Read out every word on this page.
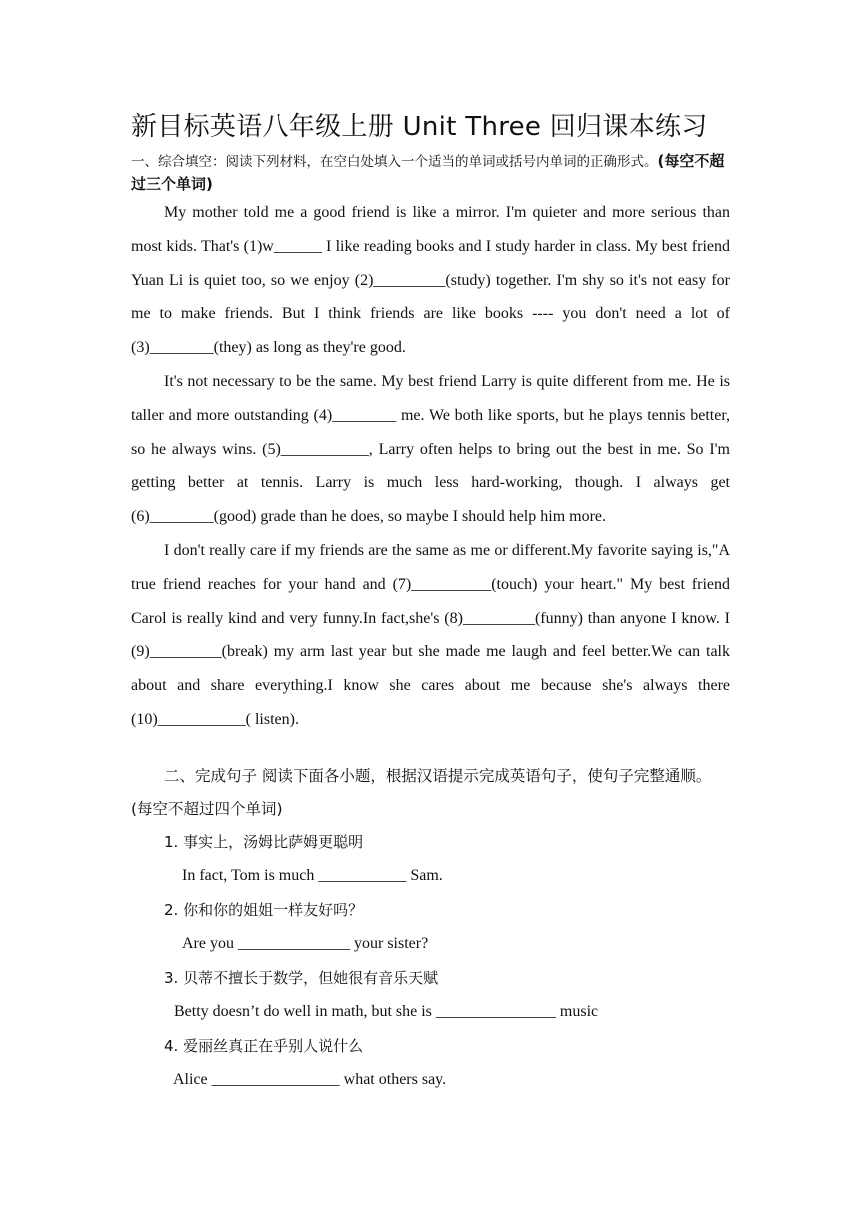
新目标英语八年级上册 Unit Three 回归课本练习
一、综合填空：阅读下列材料，在空白处填入一个适当的单词或括号内单词的正确形式。(每空不超过三个单词)

My mother told me a good friend is like a mirror. I'm quieter and more serious than most kids. That's (1)w______ I like reading books and I study harder in class. My best friend Yuan Li is quiet too, so we enjoy (2)_________(study) together. I'm shy so it's not easy for me to make friends. But I think friends are like books ---- you don't need a lot of (3)________(they) as long as they're good.

It's not necessary to be the same. My best friend Larry is quite different from me. He is taller and more outstanding (4)________ me. We both like sports, but he plays tennis better, so he always wins. (5)___________, Larry often helps to bring out the best in me. So I'm getting better at tennis. Larry is much less hard-working, though. I always get (6)________(good) grade than he does, so maybe I should help him more.

I don't really care if my friends are the same as me or different.My favorite saying is,"A true friend reaches for your hand and (7)__________(touch) your heart." My best friend Carol is really kind and very funny.In fact,she's (8)_________(funny) than anyone I know. I (9)_________(break) my arm last year but she made me laugh and feel better.We can talk about and share everything.I know she cares about me because she's always there (10)___________( listen).

二、完成句子 阅读下面各小题，根据汉语提示完成英语句子，使句子完整通顺。(每空不超过四个单词)
1. 事实上，汤姆比萨姆更聪明
In fact, Tom is much ___________ Sam.
2. 你和你的姐姐一样友好吗？
Are you ______________ your sister?
3. 贝蒂不擅长于数学，但她很有音乐天赋
Betty doesn’t do well in math, but she is _______________ music
4. 爱丽丝真正在乎别人说什么
Alice ________________ what others say.
